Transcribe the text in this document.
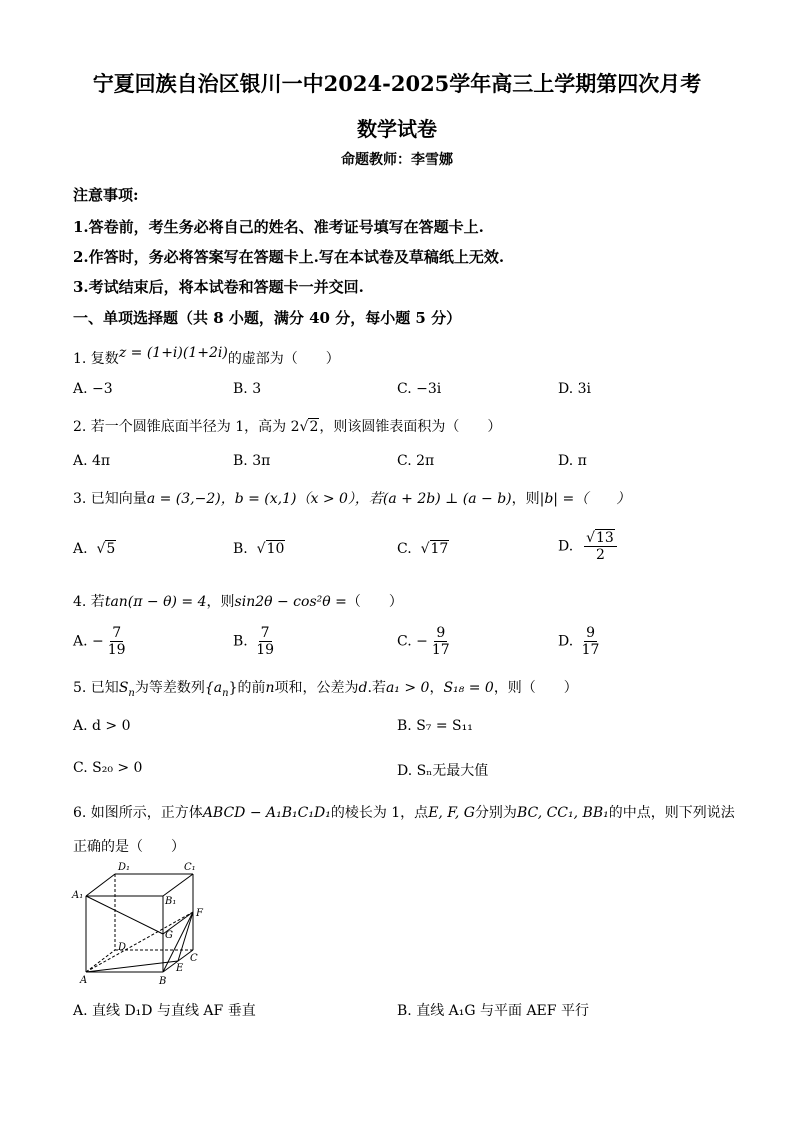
宁夏回族自治区银川一中2024-2025学年高三上学期第四次月考
数学试卷
命题教师：李雪娜
注意事项:
1.答卷前，考生务必将自己的姓名、准考证号填写在答题卡上.
2.作答时，务必将答案写在答题卡上.写在本试卷及草稿纸上无效.
3.考试结束后，将本试卷和答题卡一并交回.
一、单项选择题（共 8 小题，满分 40 分，每小题 5 分）
1. 复数z = (1+i)(1+2i)的虚部为（　　）
A. −3	B. 3	C. −3i	D. 3i
2. 若一个圆锥底面半径为 1，高为 2√2，则该圆锥表面积为（　　）
A. 4π	B. 3π	C. 2π	D. π
3. 已知向量a = (3,−2)，b = (x,1)（x > 0），若(a + 2b) ⊥ (a − b)，则|b| =（　　）
A.  √5	B.  √10	C.  √17	D. $\frac{√13}{2}$
4. 若tan(π − θ) = 4，则sin2θ − cos²θ =（　　）
A. − $\frac{7}{19}$	B. $\frac{7}{19}$	C. − $\frac{9}{17}$	D. $\frac{9}{17}$
5. 已知$S_n$为等差数列$\{a_n\}$的前n项和，公差为d.若a₁ > 0，S₁₈ = 0，则（　　）
A. d > 0	B. S₇ = S₁₁
C. S₂₀ > 0	D. Sₙ无最大值
6. 如图所示，正方体ABCD − A₁B₁C₁D₁的棱长为 1，点E, F, G分别为BC, CC₁, BB₁的中点，则下列说法
正确的是（　　）
D₁	C₁
A₁
B₁
F
G
D
C
A	B
E
A. 直线 D₁D 与直线 AF 垂直	B. 直线 A₁G 与平面 AEF 平行
